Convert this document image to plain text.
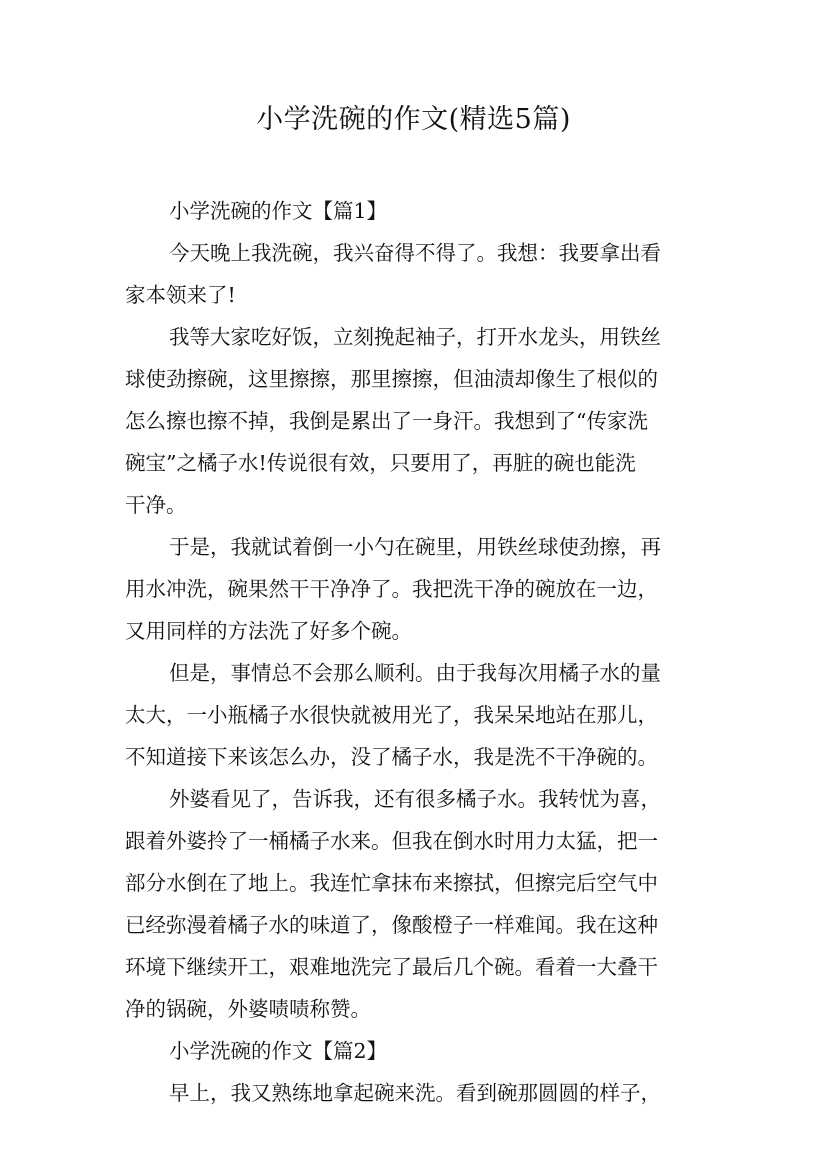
小学洗碗的作文(精选5篇)

小学洗碗的作文【篇1】

今天晚上我洗碗，我兴奋得不得了。我想：我要拿出看

家本领来了!

我等大家吃好饭，立刻挽起袖子，打开水龙头，用铁丝

球使劲擦碗，这里擦擦，那里擦擦，但油渍却像生了根似的

怎么擦也擦不掉，我倒是累出了一身汗。我想到了“传家洗

碗宝”之橘子水!传说很有效，只要用了，再脏的碗也能洗

干净。

于是，我就试着倒一小勺在碗里，用铁丝球使劲擦，再

用水冲洗，碗果然干干净净了。我把洗干净的碗放在一边，

又用同样的方法洗了好多个碗。

但是，事情总不会那么顺利。由于我每次用橘子水的量

太大，一小瓶橘子水很快就被用光了，我呆呆地站在那儿，

不知道接下来该怎么办，没了橘子水，我是洗不干净碗的。

外婆看见了，告诉我，还有很多橘子水。我转忧为喜，

跟着外婆拎了一桶橘子水来。但我在倒水时用力太猛，把一

部分水倒在了地上。我连忙拿抹布来擦拭，但擦完后空气中

已经弥漫着橘子水的味道了，像酸橙子一样难闻。我在这种

环境下继续开工，艰难地洗完了最后几个碗。看着一大叠干

净的锅碗，外婆啧啧称赞。

小学洗碗的作文【篇2】

早上，我又熟练地拿起碗来洗。看到碗那圆圆的样子，
